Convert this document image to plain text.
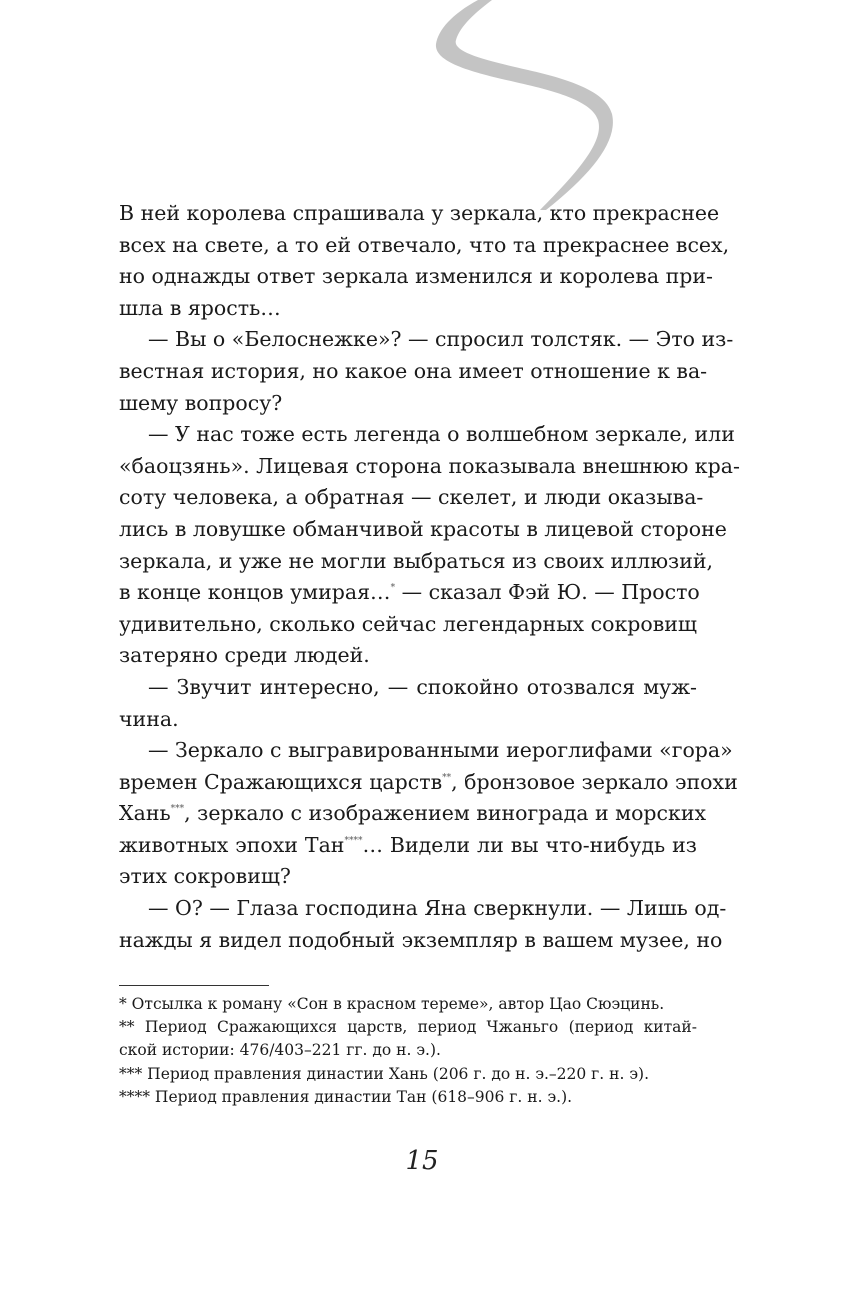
В ней королева спрашивала у зеркала, кто прекраснее
всех на свете, а то ей отвечало, что та прекраснее всех,
но однажды ответ зеркала изменился и королева при-
шла в ярость…
— Вы о «Белоснежке»? — спросил толстяк. — Это из-
вестная история, но какое она имеет отношение к ва-
шему вопросу?
— У нас тоже есть легенда о волшебном зеркале, или
«баоцзянь». Лицевая сторона показывала внешнюю кра-
соту человека, а обратная — скелет, и люди оказыва-
лись в ловушке обманчивой красоты в лицевой стороне
зеркала, и уже не могли выбраться из своих иллюзий,
в конце концов умирая…* — сказал Фэй Ю. — Просто
удивительно, сколько сейчас легендарных сокровищ
затеряно среди людей.
— Звучит интересно, — спокойно отозвался муж-
чина.
— Зеркало с выгравированными иероглифами «гора»
времен Сражающихся царств**, бронзовое зеркало эпохи
Хань***, зеркало с изображением винограда и морских
животных эпохи Тан****… Видели ли вы что-нибудь из
этих сокровищ?
— О? — Глаза господина Яна сверкнули. — Лишь од-
нажды я видел подобный экземпляр в вашем музее, но
* Отсылка к роману «Сон в красном тереме», автор Цао Сюэцинь.
** Период Сражающихся царств, период Чжаньго (период китай-
ской истории: 476/403–221 гг. до н. э.).
*** Период правления династии Хань (206 г. до н. э.–220 г. н. э).
**** Период правления династии Тан (618–906 г. н. э.).
15
